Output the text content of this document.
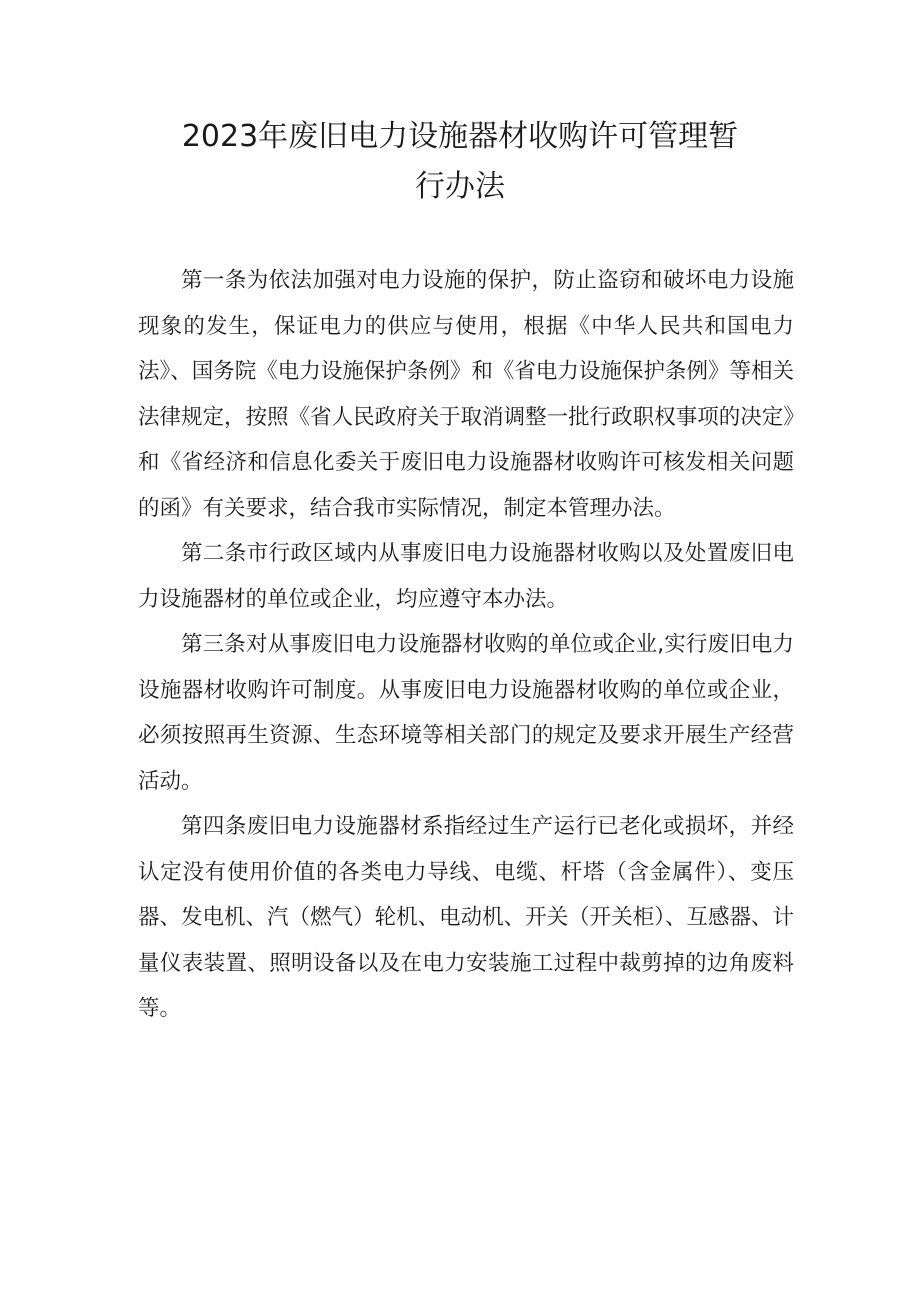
2023年废旧电力设施器材收购许可管理暂
行办法

第一条为依法加强对电力设施的保护，防止盗窃和破坏电力设施现象的发生，保证电力的供应与使用，根据《中华人民共和国电力法》、国务院《电力设施保护条例》和《省电力设施保护条例》等相关法律规定，按照《省人民政府关于取消调整一批行政职权事项的决定》和《省经济和信息化委关于废旧电力设施器材收购许可核发相关问题的函》有关要求，结合我市实际情况，制定本管理办法。

第二条市行政区域内从事废旧电力设施器材收购以及处置废旧电力设施器材的单位或企业，均应遵守本办法。

第三条对从事废旧电力设施器材收购的单位或企业,实行废旧电力设施器材收购许可制度。从事废旧电力设施器材收购的单位或企业，必须按照再生资源、生态环境等相关部门的规定及要求开展生产经营活动。

第四条废旧电力设施器材系指经过生产运行已老化或损坏，并经认定没有使用价值的各类电力导线、电缆、杆塔（含金属件）、变压器、发电机、汽（燃气）轮机、电动机、开关（开关柜）、互感器、计量仪表装置、照明设备以及在电力安装施工过程中裁剪掉的边角废料等。
